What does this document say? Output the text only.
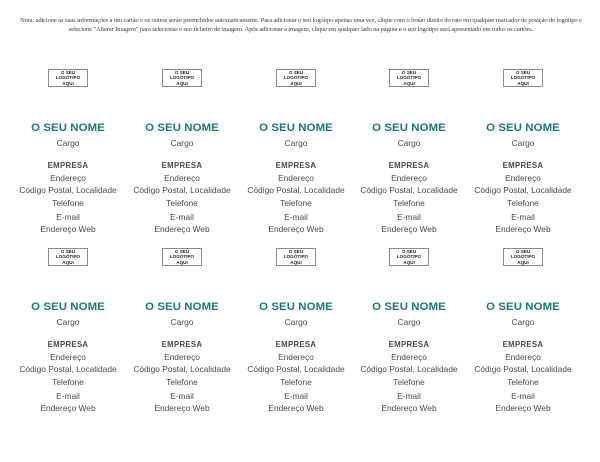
Nota: adicione as suas informações a um cartão e os outros serão preenchidos automaticamente. Para adicionar o seu logótipo apenas uma vez, clique com o botão direito do rato em qualquer marcador de posição do logótipo e selecione "Alterar Imagem" para selecionar o seu ficheiro de imagem. Após adicionar a imagem, clique em qualquer lado na página e o seu logótipo será apresentado em todos os cartões.
O SEU LOGÓTIPO
AQUI
O SEU NOME
Cargo
EMPRESA
Endereço
Código Postal, Localidade
Telefone
E-mail
Endereço Web
O SEU LOGÓTIPO
AQUI
O SEU NOME
Cargo
EMPRESA
Endereço
Código Postal, Localidade
Telefone
E-mail
Endereço Web
O SEU LOGÓTIPO
AQUI
O SEU NOME
Cargo
EMPRESA
Endereço
Código Postal, Localidade
Telefone
E-mail
Endereço Web
O SEU LOGÓTIPO
AQUI
O SEU NOME
Cargo
EMPRESA
Endereço
Código Postal, Localidade
Telefone
E-mail
Endereço Web
O SEU LOGÓTIPO
AQUI
O SEU NOME
Cargo
EMPRESA
Endereço
Código Postal, Localidade
Telefone
E-mail
Endereço Web
O SEU LOGÓTIPO
AQUI
O SEU NOME
Cargo
EMPRESA
Endereço
Código Postal, Localidade
Telefone
E-mail
Endereço Web
O SEU LOGÓTIPO
AQUI
O SEU NOME
Cargo
EMPRESA
Endereço
Código Postal, Localidade
Telefone
E-mail
Endereço Web
O SEU LOGÓTIPO
AQUI
O SEU NOME
Cargo
EMPRESA
Endereço
Código Postal, Localidade
Telefone
E-mail
Endereço Web
O SEU LOGÓTIPO
AQUI
O SEU NOME
Cargo
EMPRESA
Endereço
Código Postal, Localidade
Telefone
E-mail
Endereço Web
O SEU LOGÓTIPO
AQUI
O SEU NOME
Cargo
EMPRESA
Endereço
Código Postal, Localidade
Telefone
E-mail
Endereço Web
